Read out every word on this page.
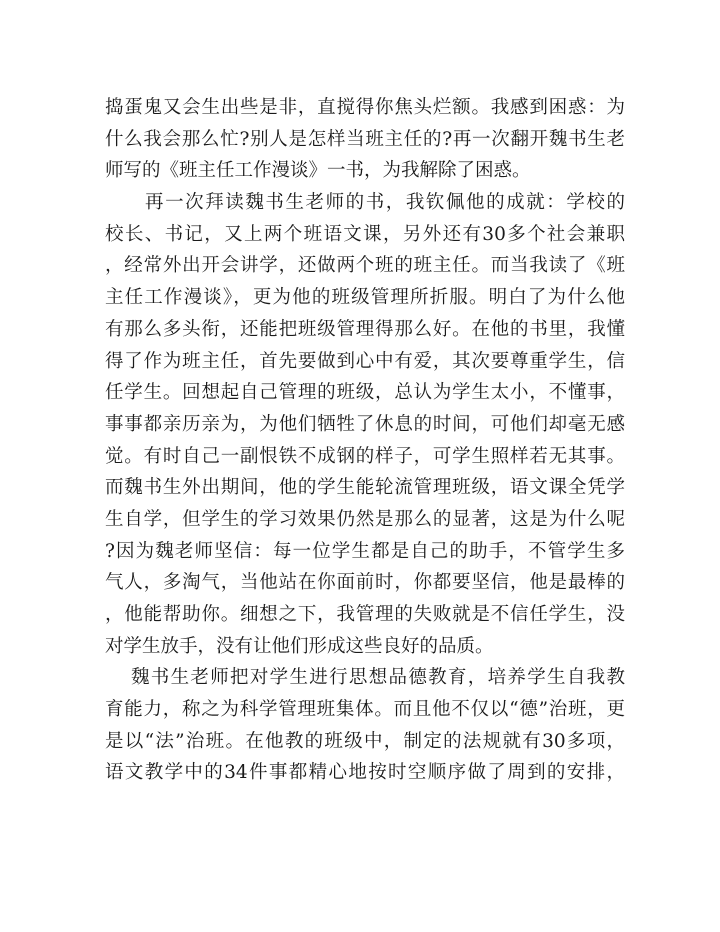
捣蛋鬼又会生出些是非，直搅得你焦头烂额。我感到困惑：为
什么我会那么忙?别人是怎样当班主任的?再一次翻开魏书生老
师写的《班主任工作漫谈》一书，为我解除了困惑。
再一次拜读魏书生老师的书，我钦佩他的成就：学校的
校长、书记，又上两个班语文课，另外还有30多个社会兼职
，经常外出开会讲学，还做两个班的班主任。而当我读了《班
主任工作漫谈》，更为他的班级管理所折服。明白了为什么他
有那么多头衔，还能把班级管理得那么好。在他的书里，我懂
得了作为班主任，首先要做到心中有爱，其次要尊重学生，信
任学生。回想起自己管理的班级，总认为学生太小，不懂事，
事事都亲历亲为，为他们牺牲了休息的时间，可他们却毫无感
觉。有时自己一副恨铁不成钢的样子，可学生照样若无其事。
而魏书生外出期间，他的学生能轮流管理班级，语文课全凭学
生自学，但学生的学习效果仍然是那么的显著，这是为什么呢
?因为魏老师坚信：每一位学生都是自己的助手，不管学生多
气人，多淘气，当他站在你面前时，你都要坚信，他是最棒的
，他能帮助你。细想之下，我管理的失败就是不信任学生，没
对学生放手，没有让他们形成这些良好的品质。
魏书生老师把对学生进行思想品德教育，培养学生自我教
育能力，称之为科学管理班集体。而且他不仅以“德”治班，更
是以“法”治班。在他教的班级中，制定的法规就有30多项，
语文教学中的34件事都精心地按时空顺序做了周到的安排，
